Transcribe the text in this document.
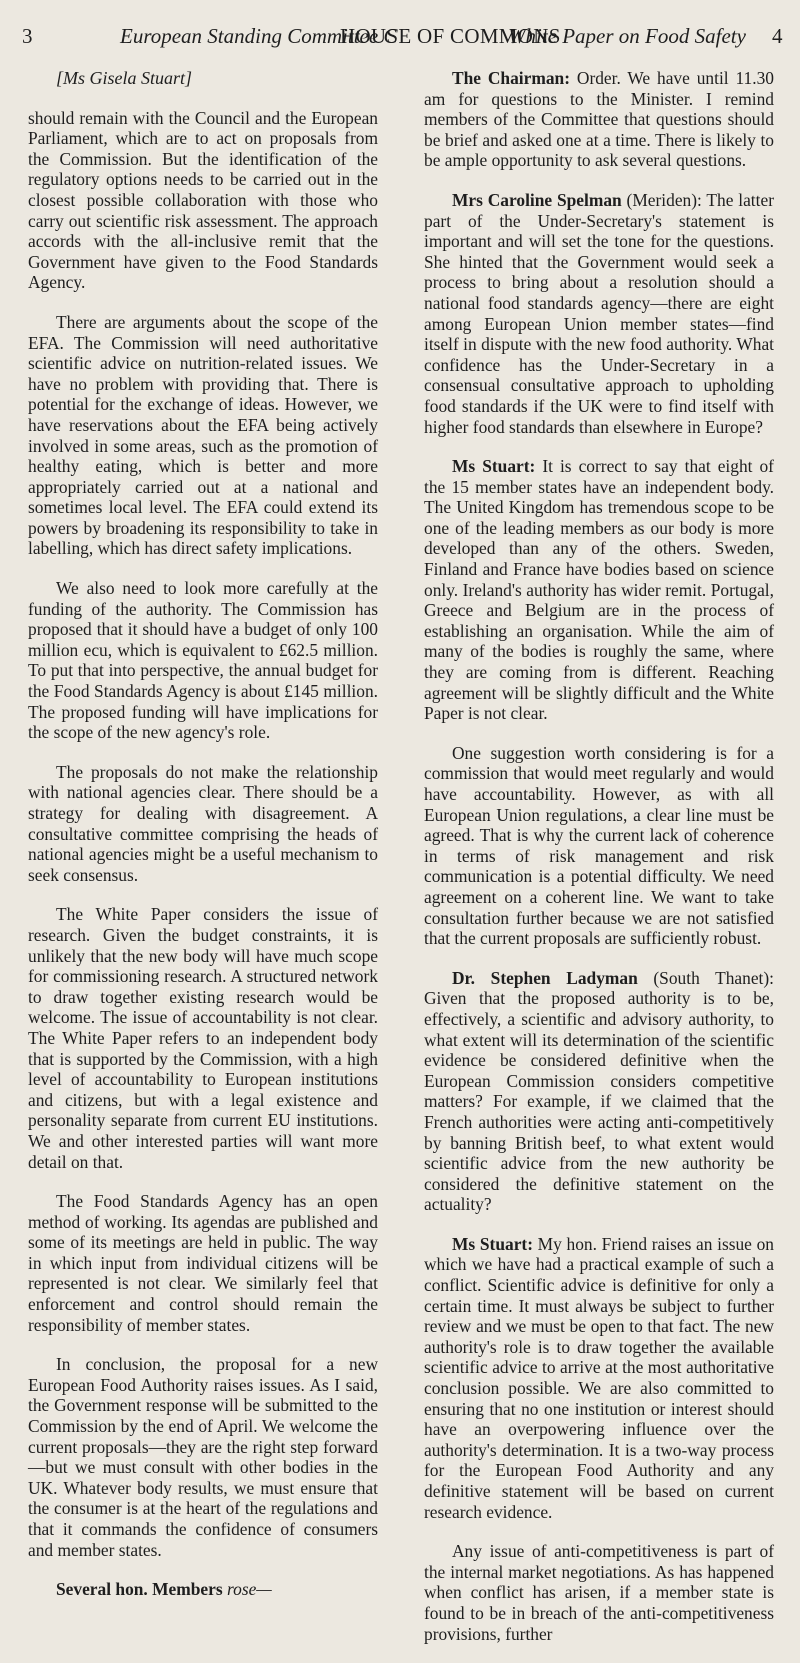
3	European Standing Committee C
HOUSE OF COMMONS
White Paper on Food Safety 4

[Ms Gisela Stuart]

should remain with the Council and the European Parliament, which are to act on proposals from the Commission. But the identification of the regulatory options needs to be carried out in the closest possible collaboration with those who carry out scientific risk assessment. The approach accords with the all-inclusive remit that the Government have given to the Food Standards Agency.

There are arguments about the scope of the EFA. The Commission will need authoritative scientific advice on nutrition-related issues. We have no problem with providing that. There is potential for the exchange of ideas. However, we have reservations about the EFA being actively involved in some areas, such as the promotion of healthy eating, which is better and more appropriately carried out at a national and sometimes local level. The EFA could extend its powers by broadening its responsibility to take in labelling, which has direct safety implications.

We also need to look more carefully at the funding of the authority. The Commission has proposed that it should have a budget of only 100 million ecu, which is equivalent to £62.5 million. To put that into perspective, the annual budget for the Food Standards Agency is about £145 million. The proposed funding will have implications for the scope of the new agency's role.

The proposals do not make the relationship with national agencies clear. There should be a strategy for dealing with disagreement. A consultative committee comprising the heads of national agencies might be a useful mechanism to seek consensus.

The White Paper considers the issue of research. Given the budget constraints, it is unlikely that the new body will have much scope for commissioning research. A structured network to draw together existing research would be welcome. The issue of accountability is not clear. The White Paper refers to an independent body that is supported by the Commission, with a high level of accountability to European institutions and citizens, but with a legal existence and personality separate from current EU institutions. We and other interested parties will want more detail on that.

The Food Standards Agency has an open method of working. Its agendas are published and some of its meetings are held in public. The way in which input from individual citizens will be represented is not clear. We similarly feel that enforcement and control should remain the responsibility of member states.

In conclusion, the proposal for a new European Food Authority raises issues. As I said, the Government response will be submitted to the Commission by the end of April. We welcome the current proposals—they are the right step forward—but we must consult with other bodies in the UK. Whatever body results, we must ensure that the consumer is at the heart of the regulations and that it commands the confidence of consumers and member states.

Several hon. Members rose—

The Chairman: Order. We have until 11.30 am for questions to the Minister. I remind members of the Committee that questions should be brief and asked one at a time. There is likely to be ample opportunity to ask several questions.

Mrs Caroline Spelman (Meriden): The latter part of the Under-Secretary's statement is important and will set the tone for the questions. She hinted that the Government would seek a process to bring about a resolution should a national food standards agency—there are eight among European Union member states—find itself in dispute with the new food authority. What confidence has the Under-Secretary in a consensual consultative approach to upholding food standards if the UK were to find itself with higher food standards than elsewhere in Europe?

Ms Stuart: It is correct to say that eight of the 15 member states have an independent body. The United Kingdom has tremendous scope to be one of the leading members as our body is more developed than any of the others. Sweden, Finland and France have bodies based on science only. Ireland's authority has wider remit. Portugal, Greece and Belgium are in the process of establishing an organisation. While the aim of many of the bodies is roughly the same, where they are coming from is different. Reaching agreement will be slightly difficult and the White Paper is not clear.

One suggestion worth considering is for a commission that would meet regularly and would have accountability. However, as with all European Union regulations, a clear line must be agreed. That is why the current lack of coherence in terms of risk management and risk communication is a potential difficulty. We need agreement on a coherent line. We want to take consultation further because we are not satisfied that the current proposals are sufficiently robust.

Dr. Stephen Ladyman (South Thanet): Given that the proposed authority is to be, effectively, a scientific and advisory authority, to what extent will its determination of the scientific evidence be considered definitive when the European Commission considers competitive matters? For example, if we claimed that the French authorities were acting anti-competitively by banning British beef, to what extent would scientific advice from the new authority be considered the definitive statement on the actuality?

Ms Stuart: My hon. Friend raises an issue on which we have had a practical example of such a conflict. Scientific advice is definitive for only a certain time. It must always be subject to further review and we must be open to that fact. The new authority's role is to draw together the available scientific advice to arrive at the most authoritative conclusion possible. We are also committed to ensuring that no one institution or interest should have an overpowering influence over the authority's determination. It is a two-way process for the European Food Authority and any definitive statement will be based on current research evidence.

Any issue of anti-competitiveness is part of the internal market negotiations. As has happened when conflict has arisen, if a member state is found to be in breach of the anti-competitiveness provisions, further
